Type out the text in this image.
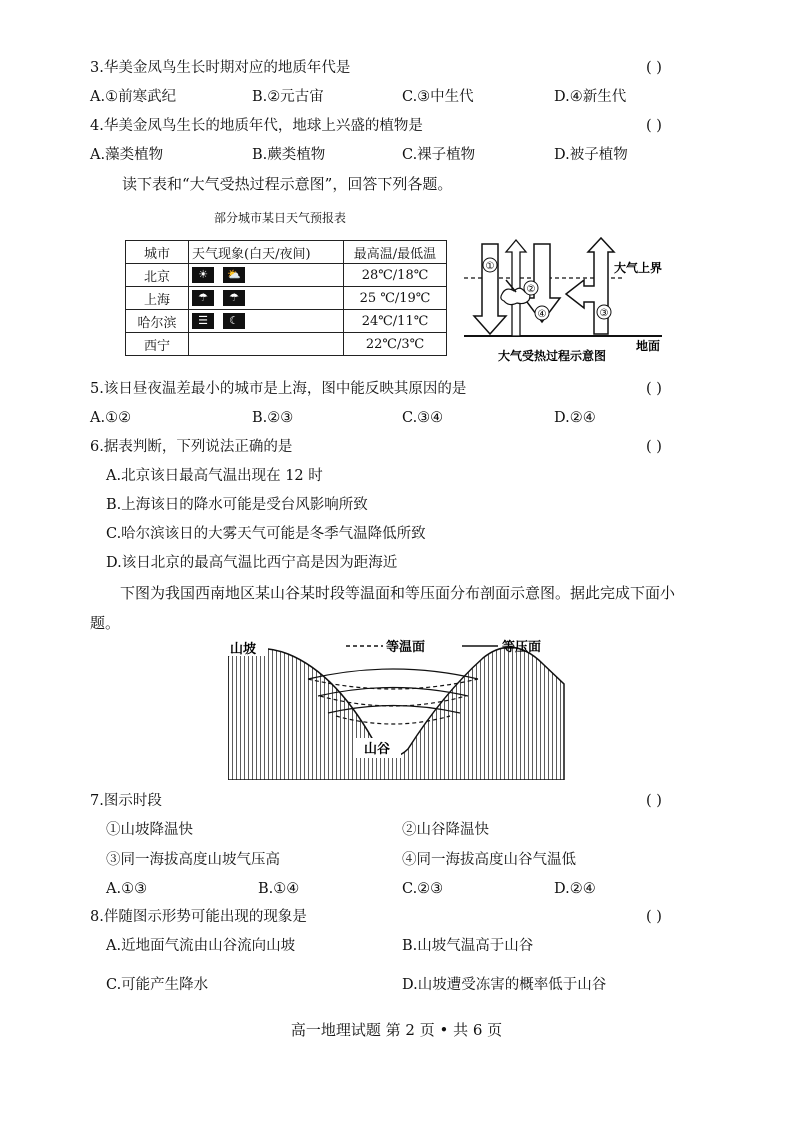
3.华美金凤鸟生长时期对应的地质年代是	( )
A.①前寒武纪	B.②元古宙	C.③中生代	D.④新生代
4.华美金凤鸟生长的地质年代，地球上兴盛的植物是	( )
A.藻类植物	B.蕨类植物	C.裸子植物	D.被子植物
读下表和“大气受热过程示意图”，回答下列各题。
部分城市某日天气预报表
城市	天气现象(白天/夜间)	最高温/最低温
北京	☀ ⛅	28℃/18℃
上海	☂ ☂	25 ℃/19℃
哈尔滨	☰ ☾	24℃/11℃
西宁		22℃/3℃
①
②
③
④
大气上界
地面
大气受热过程示意图
5.该日昼夜温差最小的城市是上海，图中能反映其原因的是	( )
A.①②	B.②③	C.③④	D.②④
6.据表判断，下列说法正确的是	( )
A.北京该日最高气温出现在 12 时
B.上海该日的降水可能是受台风影响所致
C.哈尔滨该日的大雾天气可能是冬季气温降低所致
D.该日北京的最高气温比西宁高是因为距海近
下图为我国西南地区某山谷某时段等温面和等压面分布剖面示意图。据此完成下面小题。
山谷
山坡	等温面	等压面
7.图示时段	( )
①山坡降温快	②山谷降温快
③同一海拔高度山坡气压高	④同一海拔高度山谷气温低
A.①③	B.①④	C.②③	D.②④
8.伴随图示形势可能出现的现象是	( )
A.近地面气流由山谷流向山坡	B.山坡气温高于山谷
C.可能产生降水	D.山坡遭受冻害的概率低于山谷
高一地理试题 第 2 页 • 共 6 页
